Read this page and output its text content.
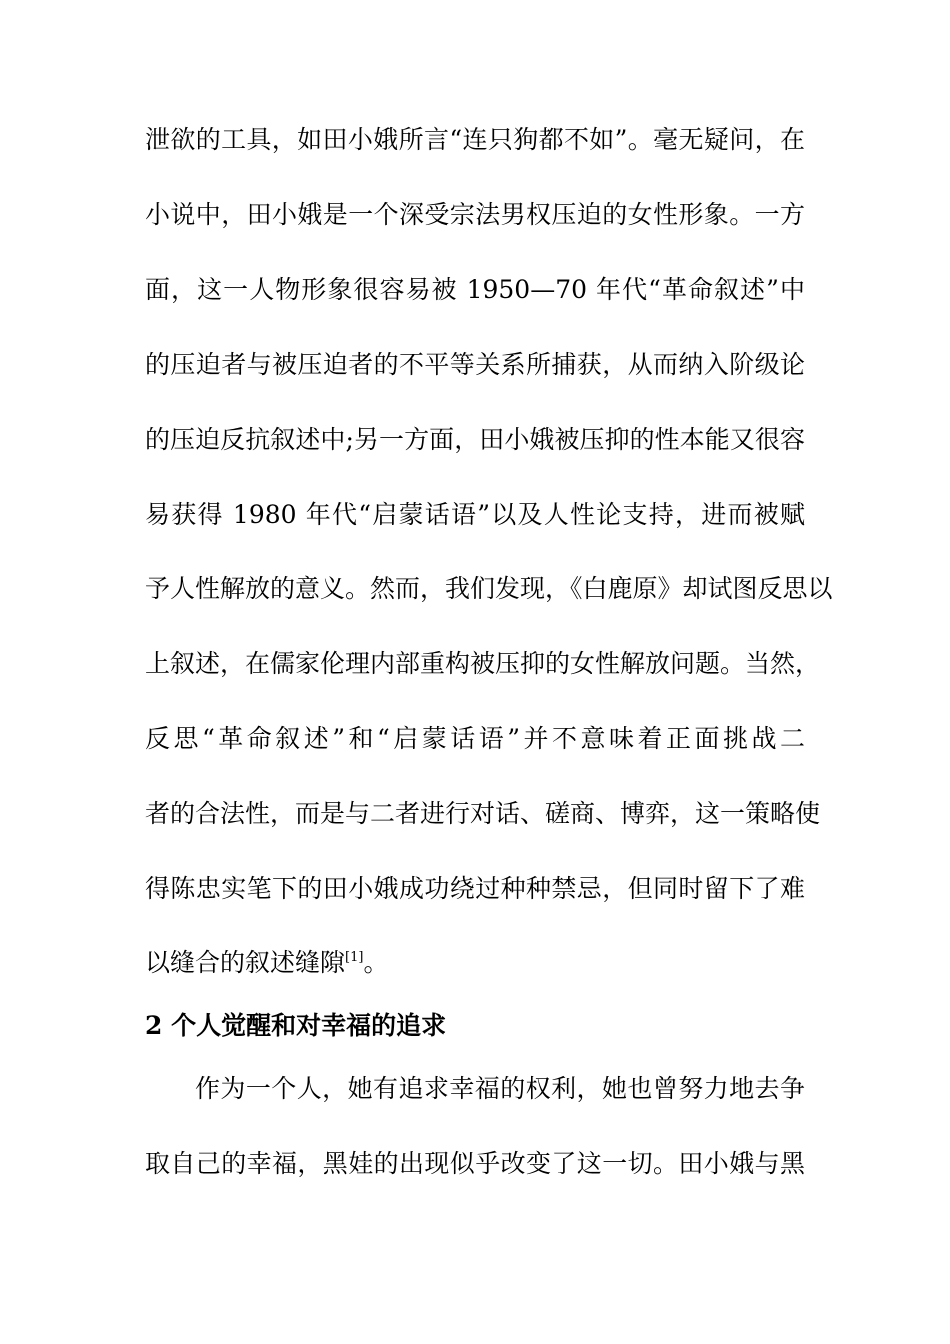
泄欲的工具，如田小娥所言“连只狗都不如”。毫无疑问，在
小说中，田小娥是一个深受宗法男权压迫的女性形象。一方
面，这一人物形象很容易被 1950—70 年代“革命叙述”中
的压迫者与被压迫者的不平等关系所捕获，从而纳入阶级论
的压迫反抗叙述中;另一方面，田小娥被压抑的性本能又很容
易获得 1980 年代“启蒙话语”以及人性论支持，进而被赋
予人性解放的意义。然而，我们发现，《白鹿原》却试图反思以
上叙述，在儒家伦理内部重构被压抑的女性解放问题。当然，
反思“革命叙述”和“启蒙话语”并不意味着正面挑战二
者的合法性，而是与二者进行对话、磋商、博弈，这一策略使
得陈忠实笔下的田小娥成功绕过种种禁忌，但同时留下了难
以缝合的叙述缝隙[1]。
2 个人觉醒和对幸福的追求
作为一个人，她有追求幸福的权利，她也曾努力地去争
取自己的幸福，黑娃的出现似乎改变了这一切。田小娥与黑
